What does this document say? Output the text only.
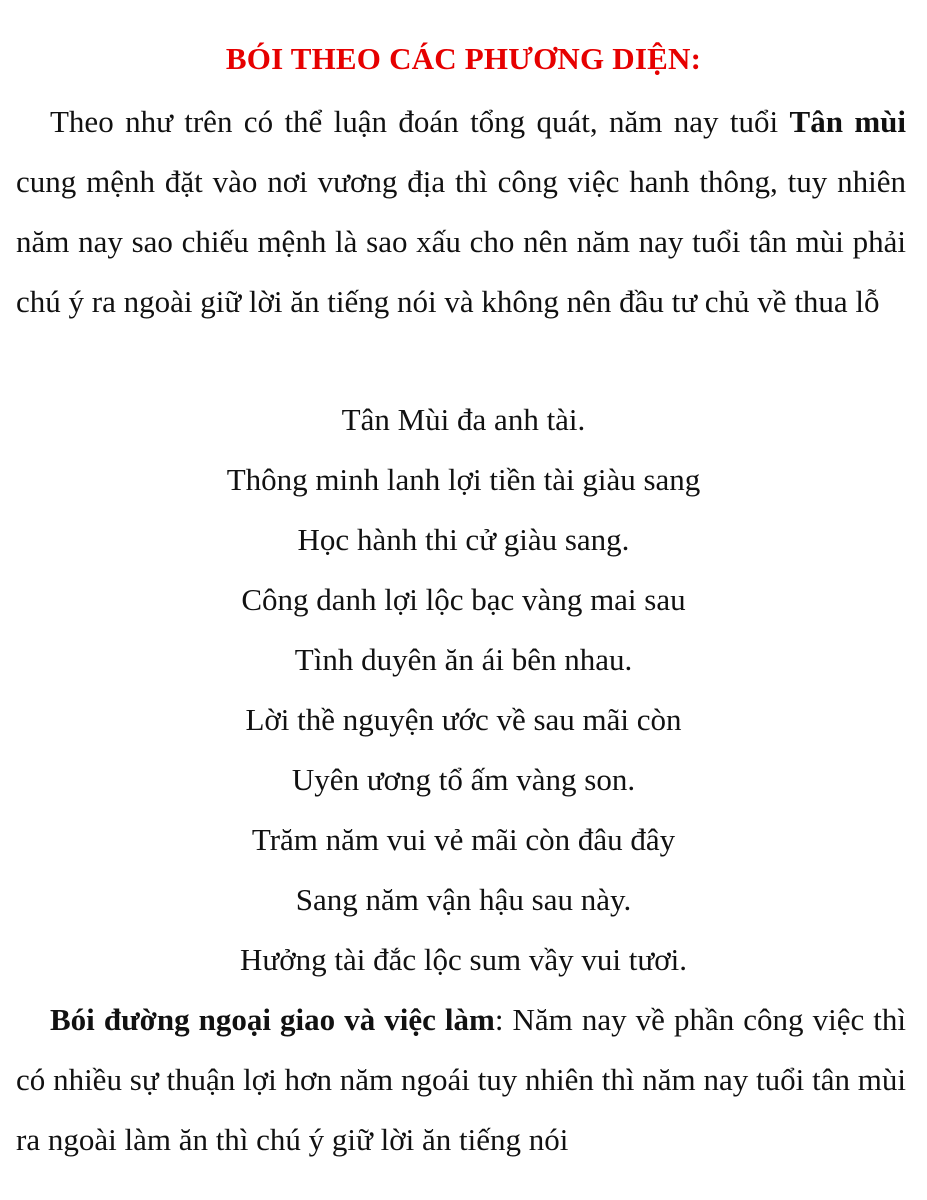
BÓI THEO CÁC PHƯƠNG DIỆN:
Theo như trên có thể luận đoán tổng quát, năm nay tuổi Tân mùi cung mệnh đặt vào nơi vương địa thì công việc hanh thông, tuy nhiên năm nay sao chiếu mệnh là sao xấu cho nên năm nay tuổi tân mùi phải chú ý ra ngoài giữ lời ăn tiếng nói và không nên đầu tư chủ về thua lỗ
Tân Mùi đa anh tài.
Thông minh lanh lợi tiền tài giàu sang
Học hành thi cử giàu sang.
Công danh lợi lộc bạc vàng mai sau
Tình duyên ăn ái bên nhau.
Lời thề nguyện ước về sau mãi còn
Uyên ương tổ ấm vàng son.
Trăm năm vui vẻ mãi còn đâu đây
Sang năm vận hậu sau này.
Hưởng tài đắc lộc sum vầy vui tươi.
Bói đường ngoại giao và việc làm: Năm nay về phần công việc thì có nhiều sự thuận lợi hơn năm ngoái tuy nhiên thì năm nay tuổi tân mùi ra ngoài làm ăn thì chú ý giữ lời ăn tiếng nói
